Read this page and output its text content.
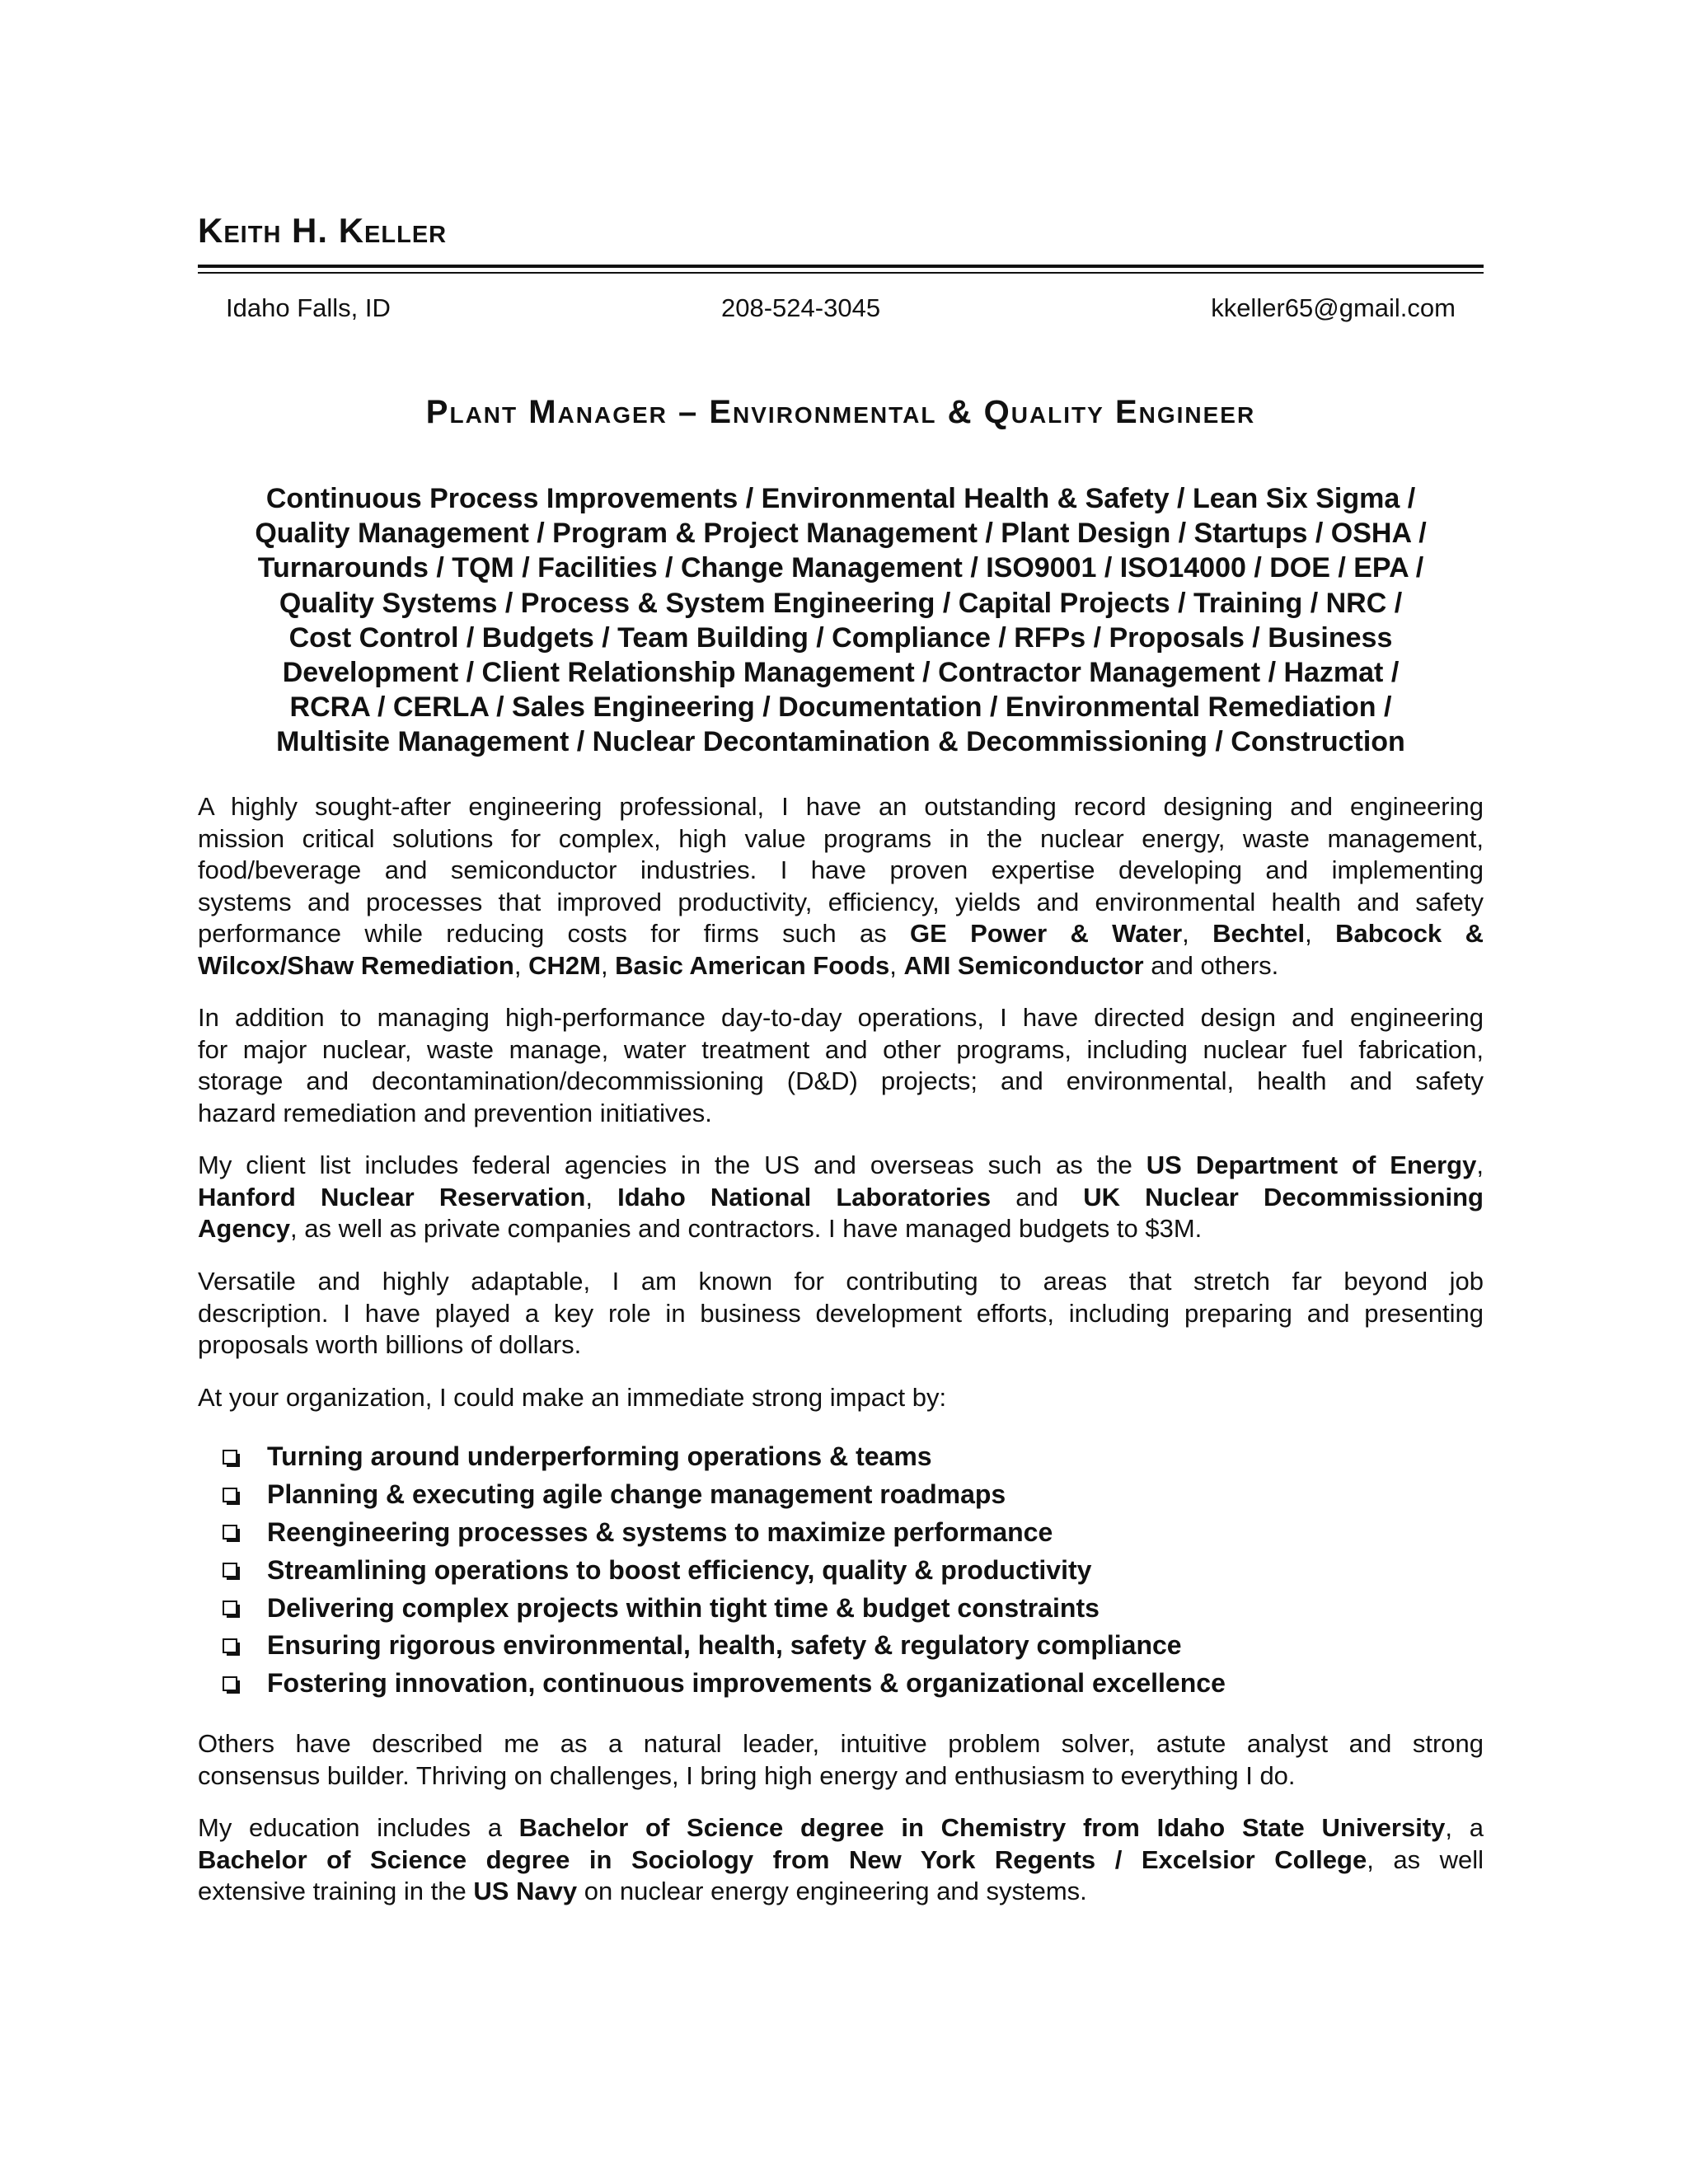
Keith H. Keller
Idaho Falls, ID	208-524-3045	kkeller65@gmail.com
Plant Manager – Environmental & Quality Engineer
Continuous Process Improvements / Environmental Health & Safety / Lean Six Sigma /
Quality Management / Program & Project Management / Plant Design / Startups / OSHA /
Turnarounds / TQM / Facilities / Change Management / ISO9001 / ISO14000 / DOE / EPA /
Quality Systems / Process & System Engineering / Capital Projects / Training / NRC /
Cost Control / Budgets / Team Building / Compliance / RFPs / Proposals / Business
Development / Client Relationship Management / Contractor Management / Hazmat /
RCRA / CERLA / Sales Engineering / Documentation / Environmental Remediation /
Multisite Management / Nuclear Decontamination & Decommissioning / Construction
A highly sought-after engineering professional, I have an outstanding record designing and engineering
mission critical solutions for complex, high value programs in the nuclear energy, waste management,
food/beverage and semiconductor industries. I have proven expertise developing and implementing
systems and processes that improved productivity, efficiency, yields and environmental health and safety
performance while reducing costs for firms such as GE Power & Water, Bechtel, Babcock &
Wilcox/Shaw Remediation, CH2M, Basic American Foods, AMI Semiconductor and others.
In addition to managing high-performance day-to-day operations, I have directed design and engineering
for major nuclear, waste manage, water treatment and other programs, including nuclear fuel fabrication,
storage and decontamination/decommissioning (D&D) projects; and environmental, health and safety
hazard remediation and prevention initiatives.
My client list includes federal agencies in the US and overseas such as the US Department of Energy,
Hanford Nuclear Reservation, Idaho National Laboratories and UK Nuclear Decommissioning
Agency, as well as private companies and contractors. I have managed budgets to $3M.
Versatile and highly adaptable, I am known for contributing to areas that stretch far beyond job
description. I have played a key role in business development efforts, including preparing and presenting
proposals worth billions of dollars.
At your organization, I could make an immediate strong impact by:
Turning around underperforming operations & teams
Planning & executing agile change management roadmaps
Reengineering processes & systems to maximize performance
Streamlining operations to boost efficiency, quality & productivity
Delivering complex projects within tight time & budget constraints
Ensuring rigorous environmental, health, safety & regulatory compliance
Fostering innovation, continuous improvements & organizational excellence
Others have described me as a natural leader, intuitive problem solver, astute analyst and strong
consensus builder. Thriving on challenges, I bring high energy and enthusiasm to everything I do.
My education includes a Bachelor of Science degree in Chemistry from Idaho State University, a
Bachelor of Science degree in Sociology from New York Regents / Excelsior College, as well
extensive training in the US Navy on nuclear energy engineering and systems.
